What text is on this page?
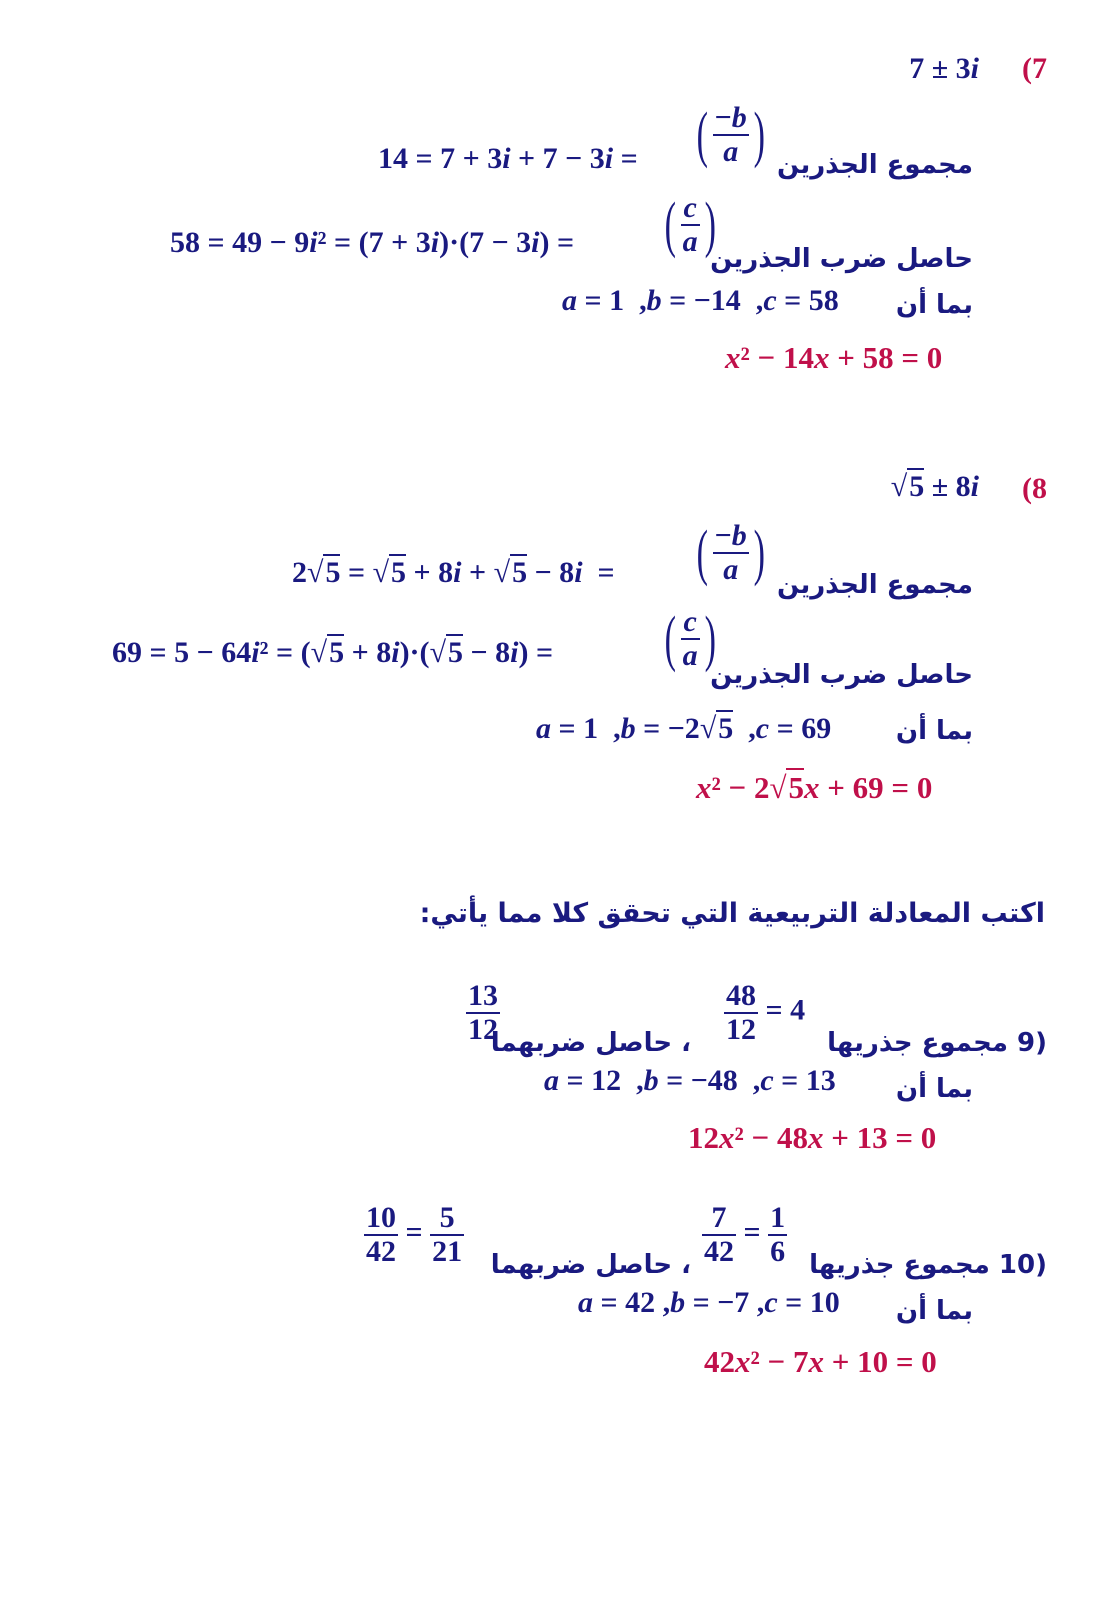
(7
7 ± 3i
14 = 7 + 3i + 7 − 3i = ( $\frac{-b}{a}$ ) مجموع الجذرين
58 = 49 − 9i² = (7 + 3i)·(7 − 3i) = ( $\frac{c}{a}$ )
حاصل ضرب الجذرين
بما أن
a = 1  ,b = −14  ,c = 58
x² − 14x + 58 = 0
(8
√5 ± 8i
2√5 = √5 + 8i + √5 − 8i  = ( $\frac{-b}{a}$ ) مجموع الجذرين
69 = 5 − 64i² = (√5 + 8i)·(√5 − 8i) = ( $\frac{c}{a}$ )
حاصل ضرب الجذرين
بما أن
a = 1  ,b = −2√5  ,c = 69
x² − 2√5x + 69 = 0
اكتب المعادلة التربيعية التي تحقق كلا مما يأتي:
(9 مجموع جذريها
$\frac{48}{12} = 4$
، حاصل ضربهما
$\frac{13}{12}$
بما أن
a = 12  ,b = −48  ,c = 13
12x² − 48x + 13 = 0
(10 مجموع جذريها
$\frac{7}{42} = \frac{1}{6}$
، حاصل ضربهما
$\frac{10}{42} = \frac{5}{21}$
بما أن
a = 42 ,b = −7 ,c = 10
42x² − 7x + 10 = 0
